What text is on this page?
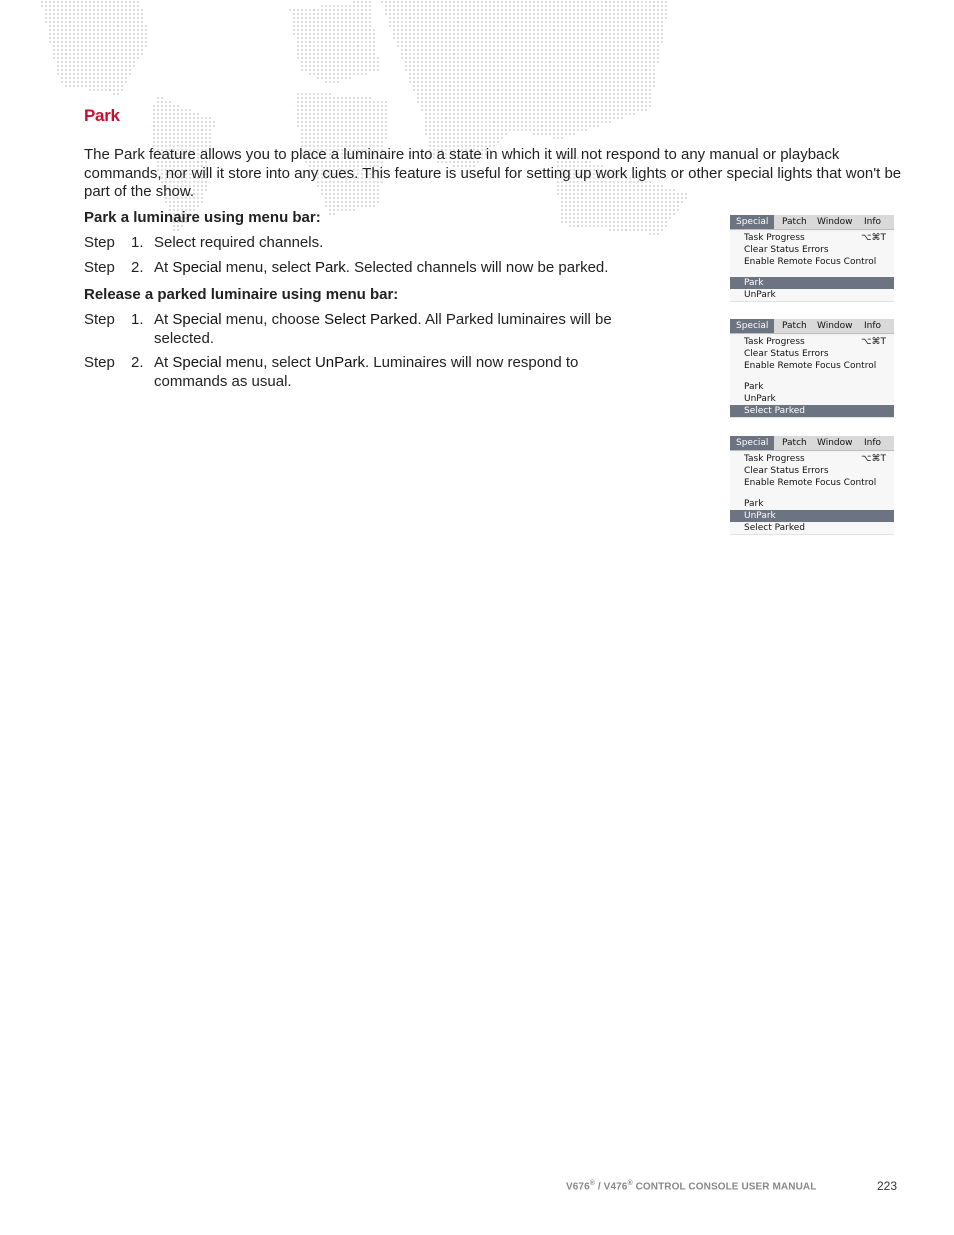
Park

The Park feature allows you to place a luminaire into a state in which it will not respond to any manual or playback commands, nor will it store into any cues. This feature is useful for setting up work lights or other special lights that won't be part of the show.

Park a luminaire using menu bar:

Step 1. Select required channels.
Step 2. At Special menu, select Park. Selected channels will now be parked.

Release a parked luminaire using menu bar:

Step 1. At Special menu, choose Select Parked. All Parked luminaires will be selected.
Step 2. At Special menu, select UnPark. Luminaires will now respond to commands as usual.
Special	Patch Window Info
Task Progress	⌥⌘T
Clear Status Errors
Enable Remote Focus Control
Park
UnPark
Special	Patch Window Info
Task Progress	⌥⌘T
Clear Status Errors
Enable Remote Focus Control
Park
UnPark
Select Parked
Special	Patch Window Info
Task Progress	⌥⌘T
Clear Status Errors
Enable Remote Focus Control
Park
UnPark
Select Parked
V676® / V476® CONTROL CONSOLE USER MANUAL	223
